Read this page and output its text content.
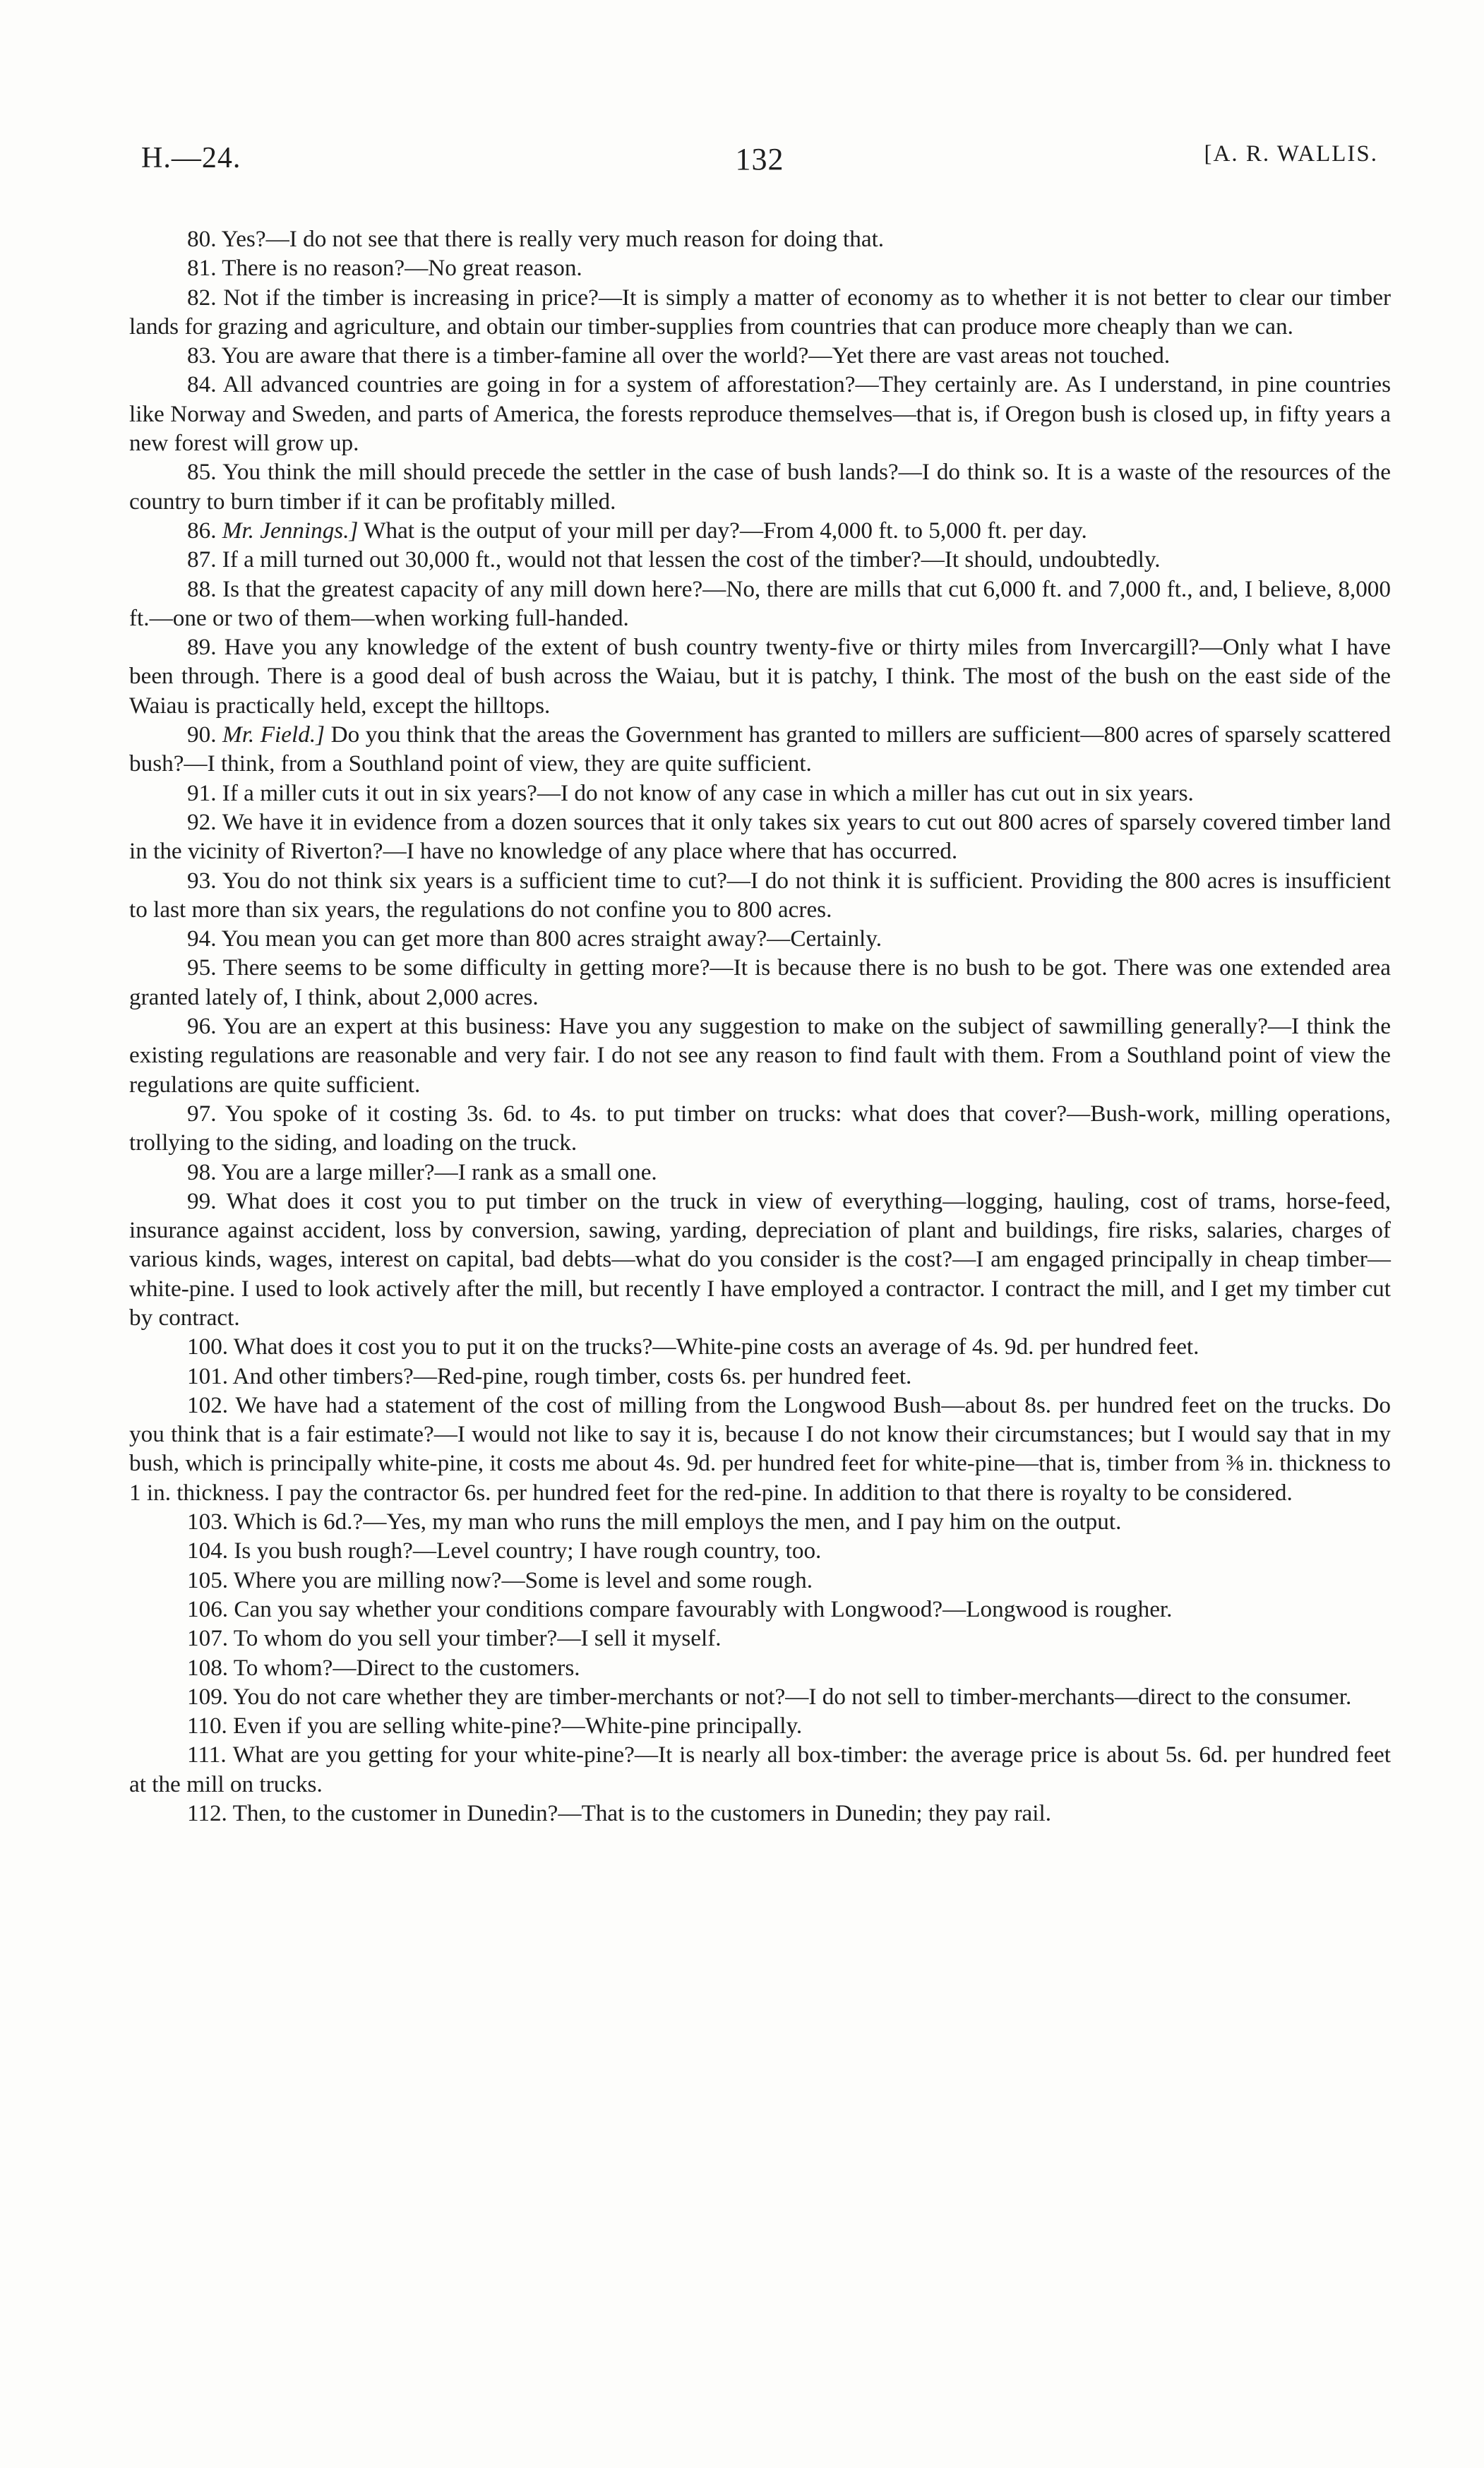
H.—24.	132	[A. R. WALLIS.

80. Yes?—I do not see that there is really very much reason for doing that.

81. There is no reason?—No great reason.

82. Not if the timber is increasing in price?—It is simply a matter of economy as to whether it is not better to clear our timber lands for grazing and agriculture, and obtain our timber-supplies from countries that can produce more cheaply than we can.

83. You are aware that there is a timber-famine all over the world?—Yet there are vast areas not touched.

84. All advanced countries are going in for a system of afforestation?—They certainly are. As I understand, in pine countries like Norway and Sweden, and parts of America, the forests reproduce themselves—that is, if Oregon bush is closed up, in fifty years a new forest will grow up.

85. You think the mill should precede the settler in the case of bush lands?—I do think so. It is a waste of the resources of the country to burn timber if it can be profitably milled.

86. Mr. Jennings.] What is the output of your mill per day?—From 4,000 ft. to 5,000 ft. per day.

87. If a mill turned out 30,000 ft., would not that lessen the cost of the timber?—It should, undoubtedly.

88. Is that the greatest capacity of any mill down here?—No, there are mills that cut 6,000 ft. and 7,000 ft., and, I believe, 8,000 ft.—one or two of them—when working full-handed.

89. Have you any knowledge of the extent of bush country twenty-five or thirty miles from Invercargill?—Only what I have been through. There is a good deal of bush across the Waiau, but it is patchy, I think. The most of the bush on the east side of the Waiau is practically held, except the hilltops.

90. Mr. Field.] Do you think that the areas the Government has granted to millers are sufficient—800 acres of sparsely scattered bush?—I think, from a Southland point of view, they are quite sufficient.

91. If a miller cuts it out in six years?—I do not know of any case in which a miller has cut out in six years.

92. We have it in evidence from a dozen sources that it only takes six years to cut out 800 acres of sparsely covered timber land in the vicinity of Riverton?—I have no knowledge of any place where that has occurred.

93. You do not think six years is a sufficient time to cut?—I do not think it is sufficient. Providing the 800 acres is insufficient to last more than six years, the regulations do not confine you to 800 acres.

94. You mean you can get more than 800 acres straight away?—Certainly.

95. There seems to be some difficulty in getting more?—It is because there is no bush to be got. There was one extended area granted lately of, I think, about 2,000 acres.

96. You are an expert at this business: Have you any suggestion to make on the subject of sawmilling generally?—I think the existing regulations are reasonable and very fair. I do not see any reason to find fault with them. From a Southland point of view the regulations are quite sufficient.

97. You spoke of it costing 3s. 6d. to 4s. to put timber on trucks: what does that cover?—Bush-work, milling operations, trollying to the siding, and loading on the truck.

98. You are a large miller?—I rank as a small one.

99. What does it cost you to put timber on the truck in view of everything—logging, hauling, cost of trams, horse-feed, insurance against accident, loss by conversion, sawing, yarding, depreciation of plant and buildings, fire risks, salaries, charges of various kinds, wages, interest on capital, bad debts—what do you consider is the cost?—I am engaged principally in cheap timber—white-pine. I used to look actively after the mill, but recently I have employed a contractor. I contract the mill, and I get my timber cut by contract.

100. What does it cost you to put it on the trucks?—White-pine costs an average of 4s. 9d. per hundred feet.

101. And other timbers?—Red-pine, rough timber, costs 6s. per hundred feet.

102. We have had a statement of the cost of milling from the Longwood Bush—about 8s. per hundred feet on the trucks. Do you think that is a fair estimate?—I would not like to say it is, because I do not know their circumstances; but I would say that in my bush, which is principally white-pine, it costs me about 4s. 9d. per hundred feet for white-pine—that is, timber from ⅜ in. thickness to 1 in. thickness. I pay the contractor 6s. per hundred feet for the red-pine. In addition to that there is royalty to be considered.

103. Which is 6d.?—Yes, my man who runs the mill employs the men, and I pay him on the output.

104. Is you bush rough?—Level country; I have rough country, too.

105. Where you are milling now?—Some is level and some rough.

106. Can you say whether your conditions compare favourably with Longwood?—Longwood is rougher.

107. To whom do you sell your timber?—I sell it myself.

108. To whom?—Direct to the customers.

109. You do not care whether they are timber-merchants or not?—I do not sell to timber-merchants—direct to the consumer.

110. Even if you are selling white-pine?—White-pine principally.

111. What are you getting for your white-pine?—It is nearly all box-timber: the average price is about 5s. 6d. per hundred feet at the mill on trucks.

112. Then, to the customer in Dunedin?—That is to the customers in Dunedin; they pay rail.
